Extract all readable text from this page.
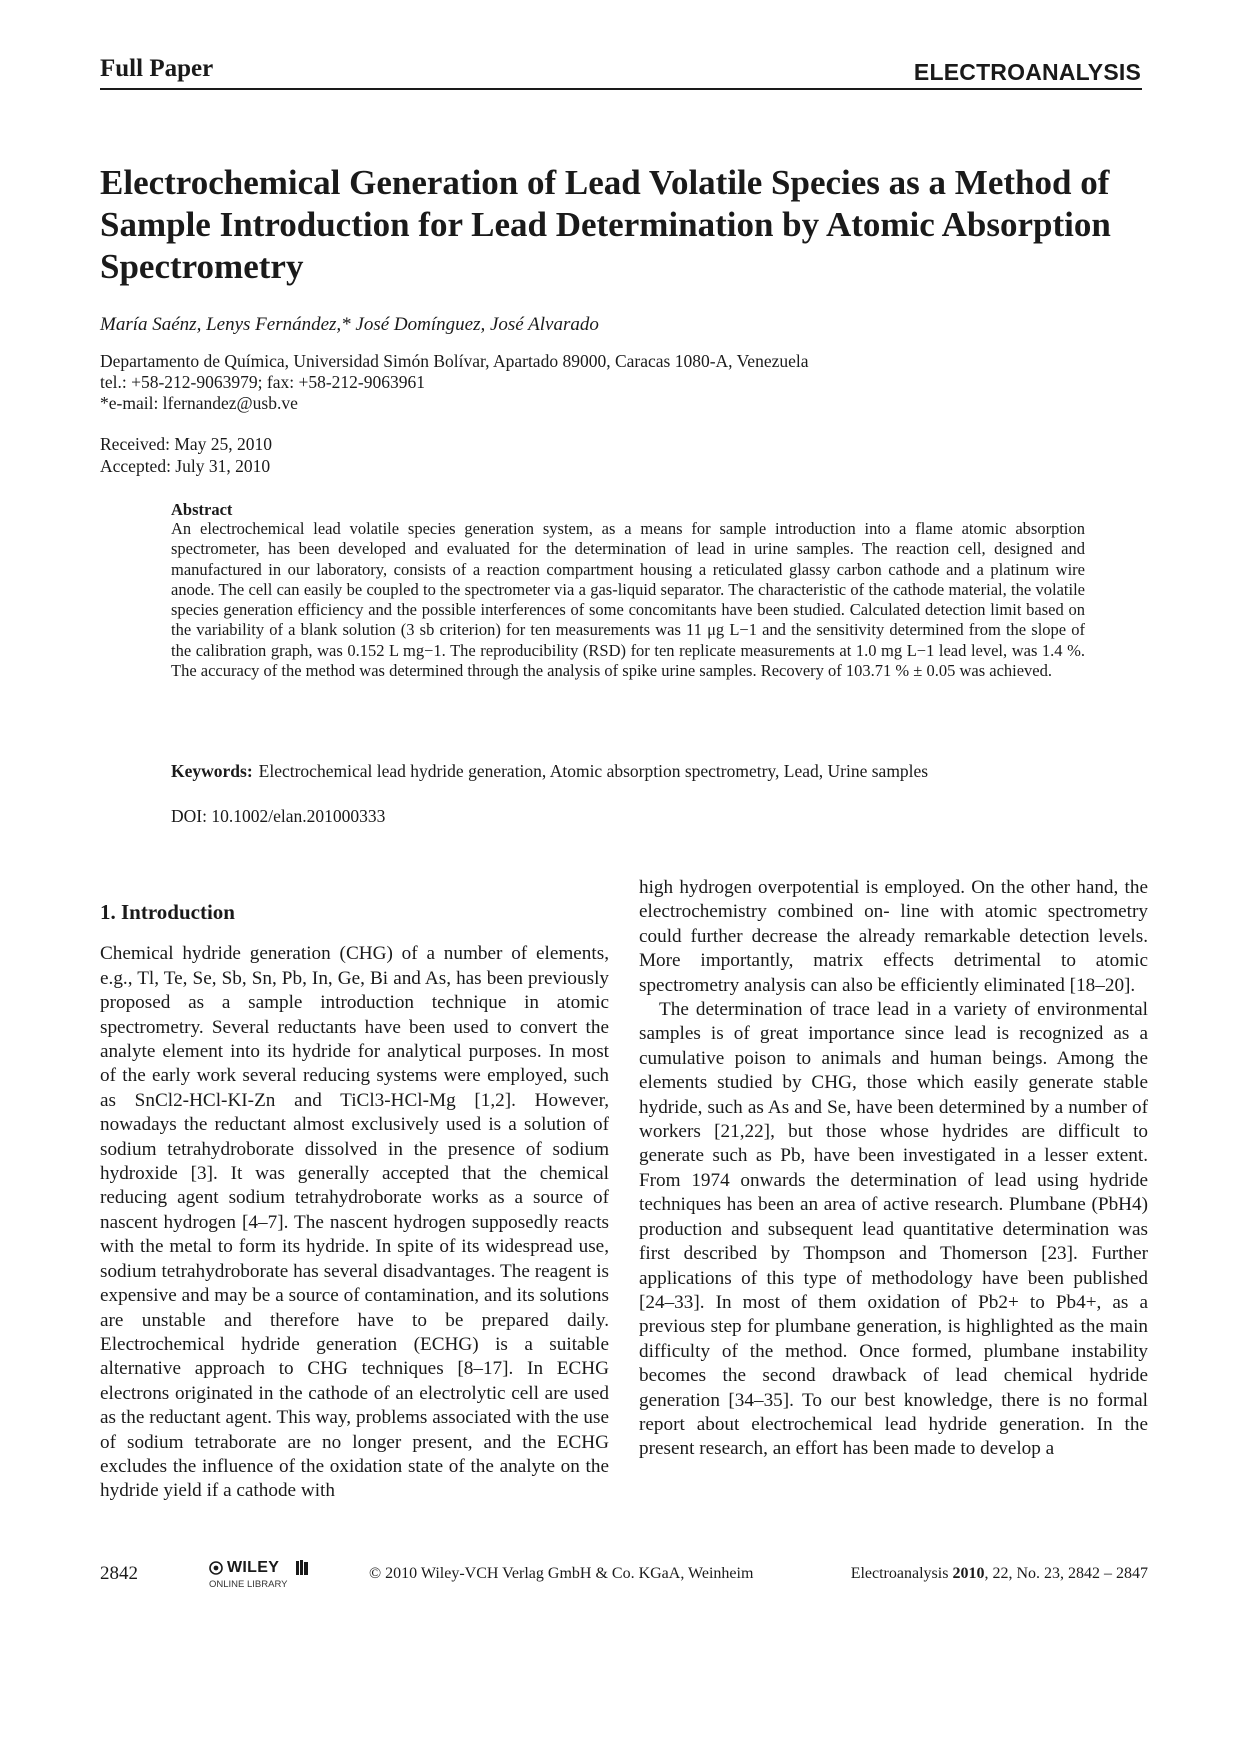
Full Paper	ELECTROANALYSIS
Electrochemical Generation of Lead Volatile Species as a Method of Sample Introduction for Lead Determination by Atomic Absorption Spectrometry
María Saénz, Lenys Fernández,* José Domínguez, José Alvarado
Departamento de Química, Universidad Simón Bolívar, Apartado 89000, Caracas 1080-A, Venezuela
tel.: +58-212-9063979; fax: +58-212-9063961
*e-mail: lfernandez@usb.ve
Received: May 25, 2010
Accepted: July 31, 2010
Abstract
An electrochemical lead volatile species generation system, as a means for sample introduction into a flame atomic absorption spectrometer, has been developed and evaluated for the determination of lead in urine samples. The reaction cell, designed and manufactured in our laboratory, consists of a reaction compartment housing a reticulated glassy carbon cathode and a platinum wire anode. The cell can easily be coupled to the spectrometer via a gas-liquid separator. The characteristic of the cathode material, the volatile species generation efficiency and the possible interferences of some concomitants have been studied. Calculated detection limit based on the variability of a blank solution (3 sb criterion) for ten measurements was 11 μg L−1 and the sensitivity determined from the slope of the calibration graph, was 0.152 L mg−1. The reproducibility (RSD) for ten replicate measurements at 1.0 mg L−1 lead level, was 1.4 %. The accuracy of the method was determined through the analysis of spike urine samples. Recovery of 103.71 % ± 0.05 was achieved.
Keywords: Electrochemical lead hydride generation, Atomic absorption spectrometry, Lead, Urine samples
DOI: 10.1002/elan.201000333
1. Introduction

Chemical hydride generation (CHG) of a number of elements, e.g., Tl, Te, Se, Sb, Sn, Pb, In, Ge, Bi and As, has been previously proposed as a sample introduction technique in atomic spectrometry. Several reductants have been used to convert the analyte element into its hydride for analytical purposes. In most of the early work several reducing systems were employed, such as SnCl2-HCl-KI-Zn and TiCl3-HCl-Mg [1,2]. However, nowadays the reductant almost exclusively used is a solution of sodium tetrahydroborate dissolved in the presence of sodium hydroxide [3]. It was generally accepted that the chemical reducing agent sodium tetrahydroborate works as a source of nascent hydrogen [4–7]. The nascent hydrogen supposedly reacts with the metal to form its hydride. In spite of its widespread use, sodium tetrahydroborate has several disadvantages. The reagent is expensive and may be a source of contamination, and its solutions are unstable and therefore have to be prepared daily. Electrochemical hydride generation (ECHG) is a suitable alternative approach to CHG techniques [8–17]. In ECHG electrons originated in the cathode of an electrolytic cell are used as the reductant agent. This way, problems associated with the use of sodium tetraborate are no longer present, and the ECHG excludes the influence of the oxidation state of the analyte on the hydride yield if a cathode with

high hydrogen overpotential is employed. On the other hand, the electrochemistry combined on- line with atomic spectrometry could further decrease the already remarkable detection levels. More importantly, matrix effects detrimental to atomic spectrometry analysis can also be efficiently eliminated [18–20].

The determination of trace lead in a variety of environmental samples is of great importance since lead is recognized as a cumulative poison to animals and human beings. Among the elements studied by CHG, those which easily generate stable hydride, such as As and Se, have been determined by a number of workers [21,22], but those whose hydrides are difficult to generate such as Pb, have been investigated in a lesser extent. From 1974 onwards the determination of lead using hydride techniques has been an area of active research. Plumbane (PbH4) production and subsequent lead quantitative determination was first described by Thompson and Thomerson [23]. Further applications of this type of methodology have been published [24–33]. In most of them oxidation of Pb2+ to Pb4+, as a previous step for plumbane generation, is highlighted as the main difficulty of the method. Once formed, plumbane instability becomes the second drawback of lead chemical hydride generation [34–35]. To our best knowledge, there is no formal report about electrochemical lead hydride generation. In the present research, an effort has been made to develop a

2842	WILEY
ONLINE LIBRARY
© 2010 Wiley-VCH Verlag GmbH & Co. KGaA, Weinheim	Electroanalysis 2010, 22, No. 23, 2842 – 2847
